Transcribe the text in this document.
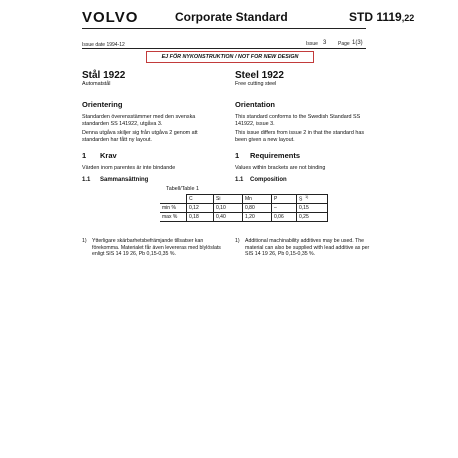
VOLVO	Corporate Standard	STD 1119,22
Issue date 1994-12	Issue 3 Page 1(3)
EJ FÖR NYKONSTRUKTION / NOT FOR NEW DESIGN
Stål 1922
Automatstål
Orientering
Standarden överensstämmer med den svenska standarden SS 141922, utgåva 3.
Denna utgåva skiljer sig från utgåva 2 genom att standarden har fått ny layout.
1 Krav
Värden inom parentes är inte bindande
1.1 Sammansättning
Steel 1922
Free cutting steel
Orientation
This standard conforms to the Swedish Standard SS 141922, issue 3.
This issue differs from issue 2 in that the standard has been given a new layout.
1 Requirements
Values within brackets are not binding
1.1 Composition
Tabell/Table 1
	C	Si	Mn	P	S $^{1)}$
min %	0,12	0,10	0,80	–	0,15
max %	0,18	0,40	1,20	0,06	0,25
1) Ytterligare skärbarhetsbefrämjande tillsatser kan förekomma. Materialet får även levereras med blylöslats enligt SIS 14 19 26, Pb 0,15-0,35 %.
1) Additional machinability additives may be used. The material can also be supplied with lead additive as per SIS 14 19 26, Pb 0,15-0,35 %.
